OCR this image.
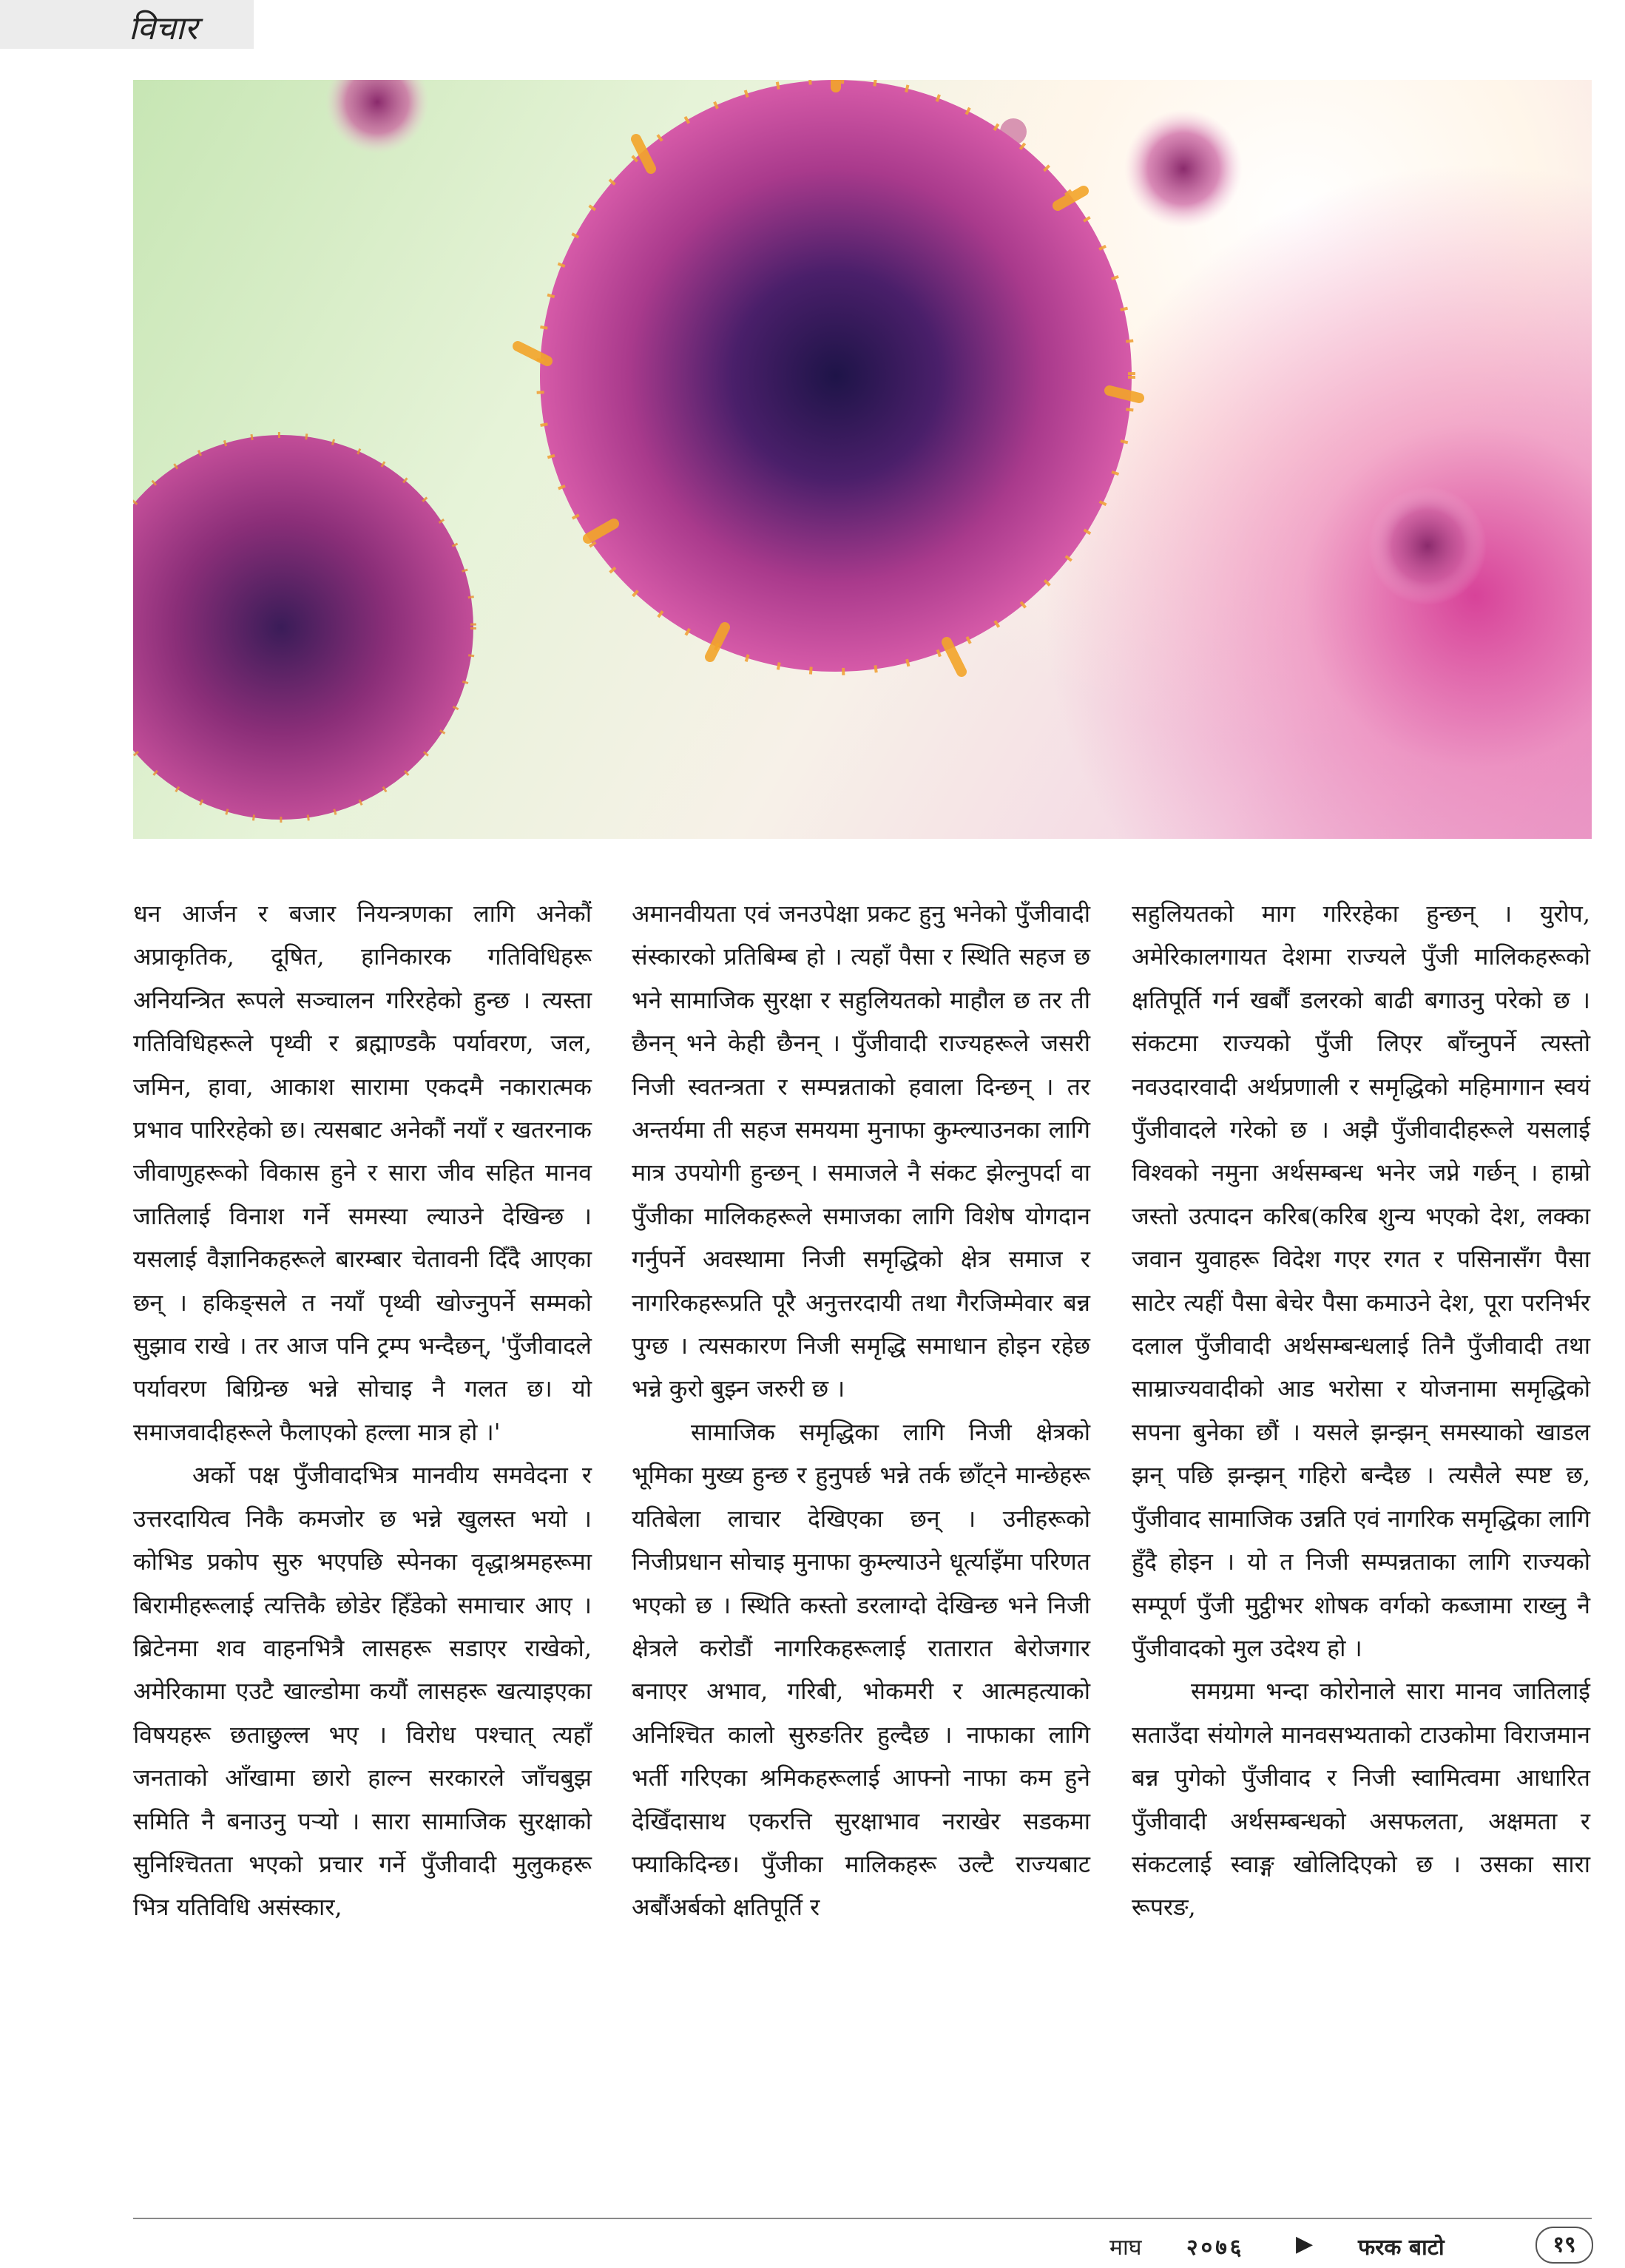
विचार

धन आर्जन र बजार नियन्त्रणका लागि अनेकौं अप्राकृतिक, दूषित, हानिकारक गतिविधिहरू अनियन्त्रित रूपले सञ्चालन गरिरहेको हुन्छ । त्यस्ता गतिविधिहरूले पृथ्वी र ब्रह्माण्डकै पर्यावरण, जल, जमिन, हावा, आकाश सारामा एकदमै नकारात्मक प्रभाव पारिरहेको छ। त्यसबाट अनेकौं नयाँ र खतरनाक जीवाणुहरूको विकास हुने र सारा जीव सहित मानव जातिलाई विनाश गर्ने समस्या ल्याउने देखिन्छ । यसलाई वैज्ञानिकहरूले बारम्बार चेतावनी दिँदै आएका छन् । हकिङ्सले त नयाँ पृथ्वी खोज्नुपर्ने सम्मको सुझाव राखे । तर आज पनि ट्रम्प भन्दैछन्, 'पुँजीवादले पर्यावरण बिग्रिन्छ भन्ने सोचाइ नै गलत छ। यो समाजवादीहरूले फैलाएको हल्ला मात्र हो ।'

अर्को पक्ष पुँजीवादभित्र मानवीय समवेदना र उत्तरदायित्व निकै कमजोर छ भन्ने खुलस्त भयो । कोभिड प्रकोप सुरु भएपछि स्पेनका वृद्धाश्रमहरूमा बिरामीहरूलाई त्यत्तिकै छोडेर हिँडेको समाचार आए । ब्रिटेनमा शव वाहनभित्रै लासहरू सडाएर राखेको, अमेरिकामा एउटै खाल्डोमा कयौं लासहरू खत्याइएका विषयहरू छताछुल्ल भए । विरोध पश्चात् त्यहाँ जनताको आँखामा छारो हाल्न सरकारले जाँचबुझ समिति नै बनाउनु पऱ्यो । सारा सामाजिक सुरक्षाको सुनिश्चितता भएको प्रचार गर्ने पुँजीवादी मुलुकहरू भित्र यतिविधि असंस्कार,

अमानवीयता एवं जनउपेक्षा प्रकट हुनु भनेको पुँजीवादी संस्कारको प्रतिबिम्ब हो । त्यहाँ पैसा र स्थिति सहज छ भने सामाजिक सुरक्षा र सहुलियतको माहौल छ तर ती छैनन् भने केही छैनन् । पुँजीवादी राज्यहरूले जसरी निजी स्वतन्त्रता र सम्पन्नताको हवाला दिन्छन् । तर अन्तर्यमा ती सहज समयमा मुनाफा कुम्ल्याउनका लागि मात्र उपयोगी हुन्छन् । समाजले नै संकट झेल्नुपर्दा वा पुँजीका मालिकहरूले समाजका लागि विशेष योगदान गर्नुपर्ने अवस्थामा निजी समृद्धिको क्षेत्र समाज र नागरिकहरूप्रति पूरै अनुत्तरदायी तथा गैरजिम्मेवार बन्न पुग्छ । त्यसकारण निजी समृद्धि समाधान होइन रहेछ भन्ने कुरो बुझ्न जरुरी छ ।

सामाजिक समृद्धिका लागि निजी क्षेत्रको भूमिका मुख्य हुन्छ र हुनुपर्छ भन्ने तर्क छाँट्ने मान्छेहरू यतिबेला लाचार देखिएका छन् । उनीहरूको निजीप्रधान सोचाइ मुनाफा कुम्ल्याउने धूर्त्याइँमा परिणत भएको छ । स्थिति कस्तो डरलाग्दो देखिन्छ भने निजी क्षेत्रले करोडौं नागरिकहरूलाई रातारात बेरोजगार बनाएर अभाव, गरिबी, भोकमरी र आत्महत्याको अनिश्चित कालो सुरुङतिर हुल्दैछ । नाफाका लागि भर्ती गरिएका श्रमिकहरूलाई आफ्नो नाफा कम हुने देखिँदासाथ एकरत्ति सुरक्षाभाव नराखेर सडकमा फ्याकिदिन्छ। पुँजीका मालिकहरू उल्टै राज्यबाट अर्बौंअर्बको क्षतिपूर्ति र

सहुलियतको माग गरिरहेका हुन्छन् । युरोप, अमेरिकालगायत देशमा राज्यले पुँजी मालिकहरूको क्षतिपूर्ति गर्न खर्बौं डलरको बाढी बगाउनु परेको छ । संकटमा राज्यको पुँजी लिएर बाँच्नुपर्ने त्यस्तो नवउदारवादी अर्थप्रणाली र समृद्धिको महिमागान स्वयं पुँजीवादले गरेको छ । अझै पुँजीवादीहरूले यसलाई विश्वको नमुना अर्थसम्बन्ध भनेर जप्ने गर्छन् । हाम्रो जस्तो उत्पादन करिब(करिब शुन्य भएको देश, लक्का जवान युवाहरू विदेश गएर रगत र पसिनासँग पैसा साटेर त्यहीं पैसा बेचेर पैसा कमाउने देश, पूरा परनिर्भर दलाल पुँजीवादी अर्थसम्बन्धलाई तिनै पुँजीवादी तथा साम्राज्यवादीको आड भरोसा र योजनामा समृद्धिको सपना बुनेका छौं । यसले झन्झन् समस्याको खाडल झन् पछि झन्झन् गहिरो बन्दैछ । त्यसैले स्पष्ट छ, पुँजीवाद सामाजिक उन्नति एवं नागरिक समृद्धिका लागि हुँदै होइन । यो त निजी सम्पन्नताका लागि राज्यको सम्पूर्ण पुँजी मुट्ठीभर शोषक वर्गको कब्जामा राख्नु नै पुँजीवादको मुल उदेश्य हो ।

समग्रमा भन्दा कोरोनाले सारा मानव जातिलाई सताउँदा संयोगले मानवसभ्यताको टाउकोमा विराजमान बन्न पुगेको पुँजीवाद र निजी स्वामित्वमा आधारित पुँजीवादी अर्थसम्बन्धको असफलता, अक्षमता र संकटलाई स्वाङ्ग खोलिदिएको छ । उसका सारा रूपरङ,

माघ २०७६ ▶ फरक बाटो	१९
